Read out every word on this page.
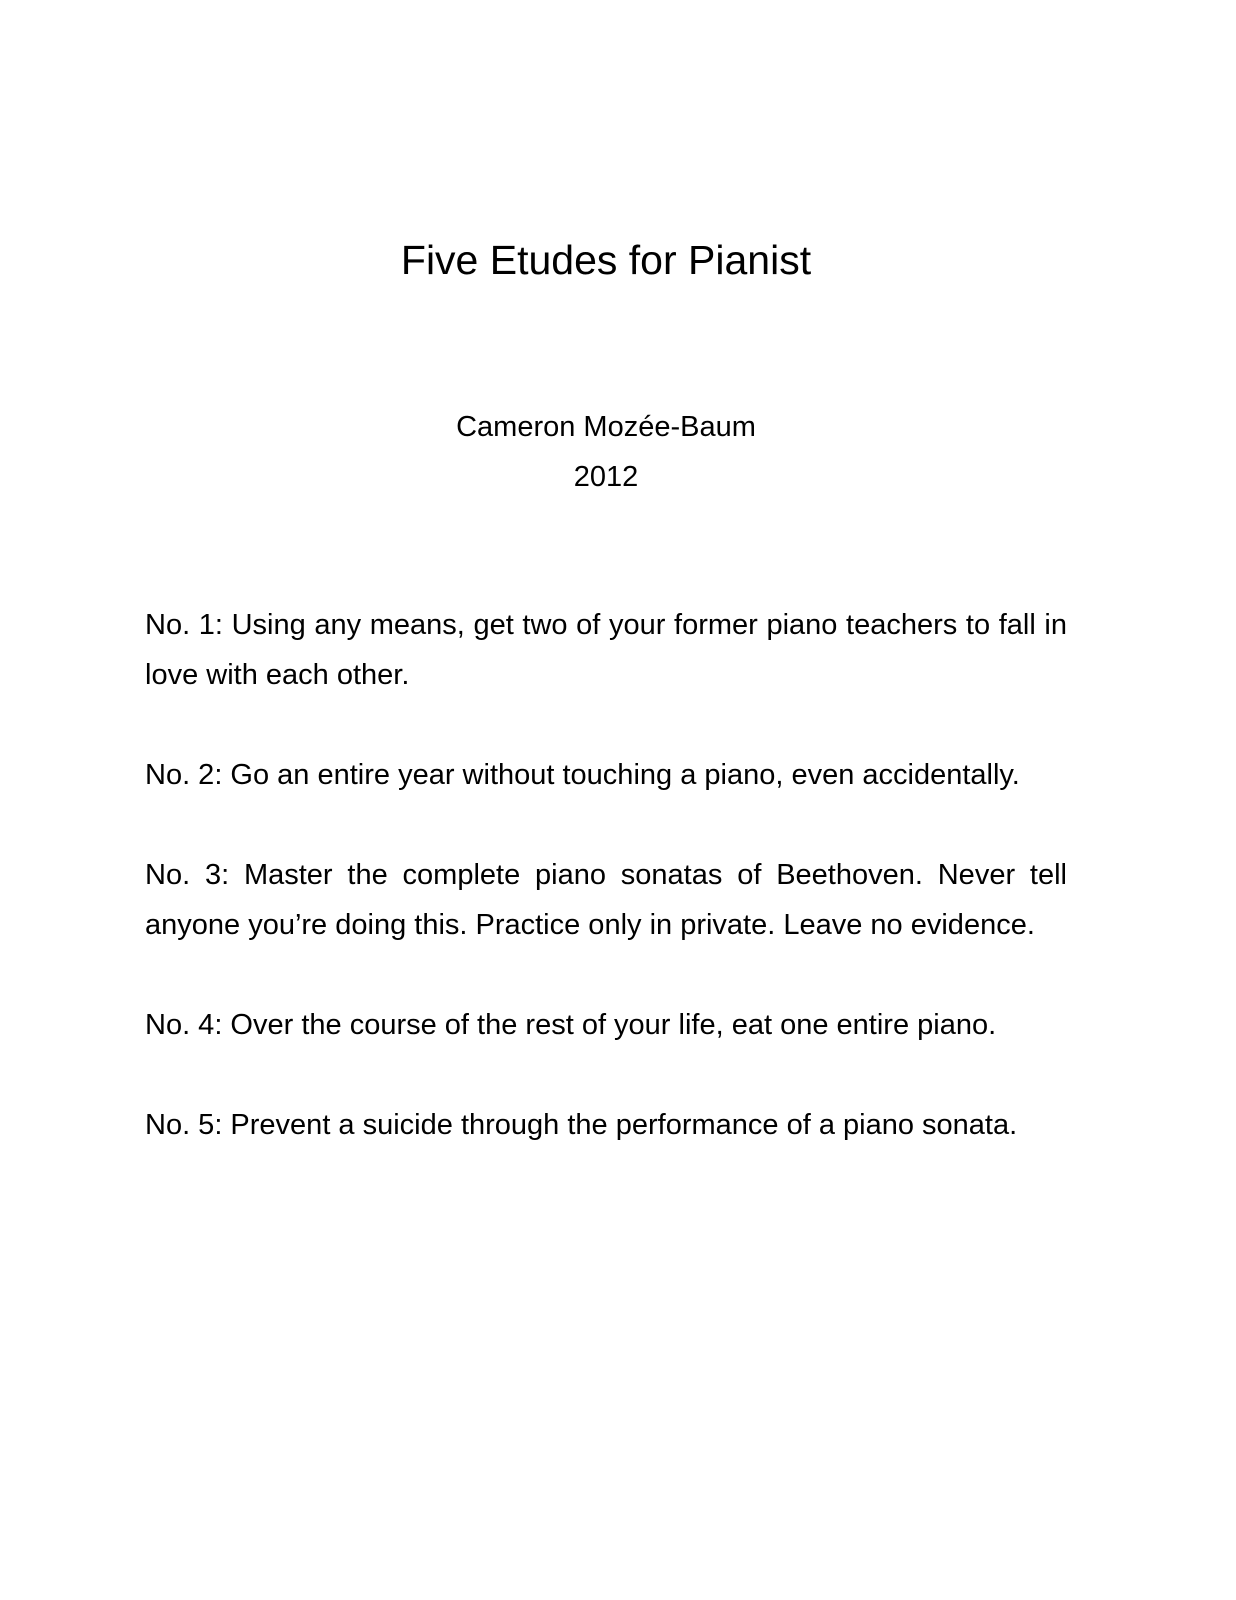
Five Etudes for Pianist
Cameron Mozée-Baum
2012

No. 1: Using any means, get two of your former piano teachers to fall in love with each other.

No. 2: Go an entire year without touching a piano, even accidentally.

No. 3: Master the complete piano sonatas of Beethoven. Never tell anyone you’re doing this. Practice only in private. Leave no evidence.

No. 4: Over the course of the rest of your life, eat one entire piano.

No. 5: Prevent a suicide through the performance of a piano sonata.
